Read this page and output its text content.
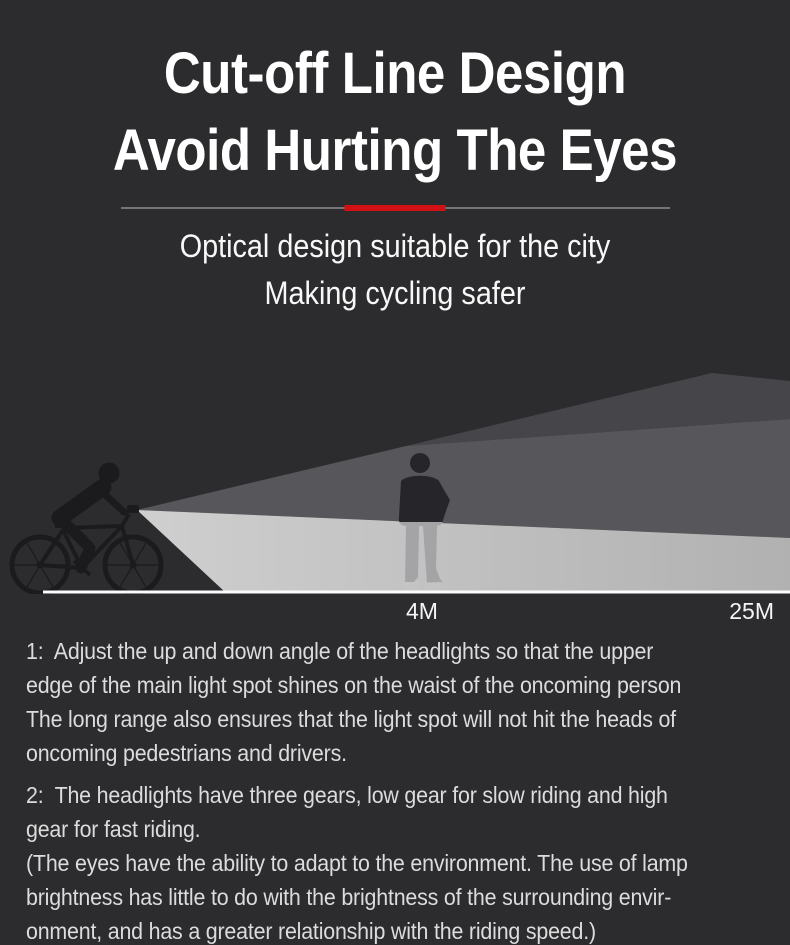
Cut-off Line Design
Avoid Hurting The Eyes

Optical design suitable for the city
Making cycling safer

4M	25M
1:  Adjust the up and down angle of the headlights so that the upper
edge of the main light spot shines on the waist of the oncoming person
The long range also ensures that the light spot will not hit the heads of
oncoming pedestrians and drivers.
2:  The headlights have three gears, low gear for slow riding and high
gear for fast riding.
(The eyes have the ability to adapt to the environment. The use of lamp
brightness has little to do with the brightness of the surrounding envir-
onment, and has a greater relationship with the riding speed.)
